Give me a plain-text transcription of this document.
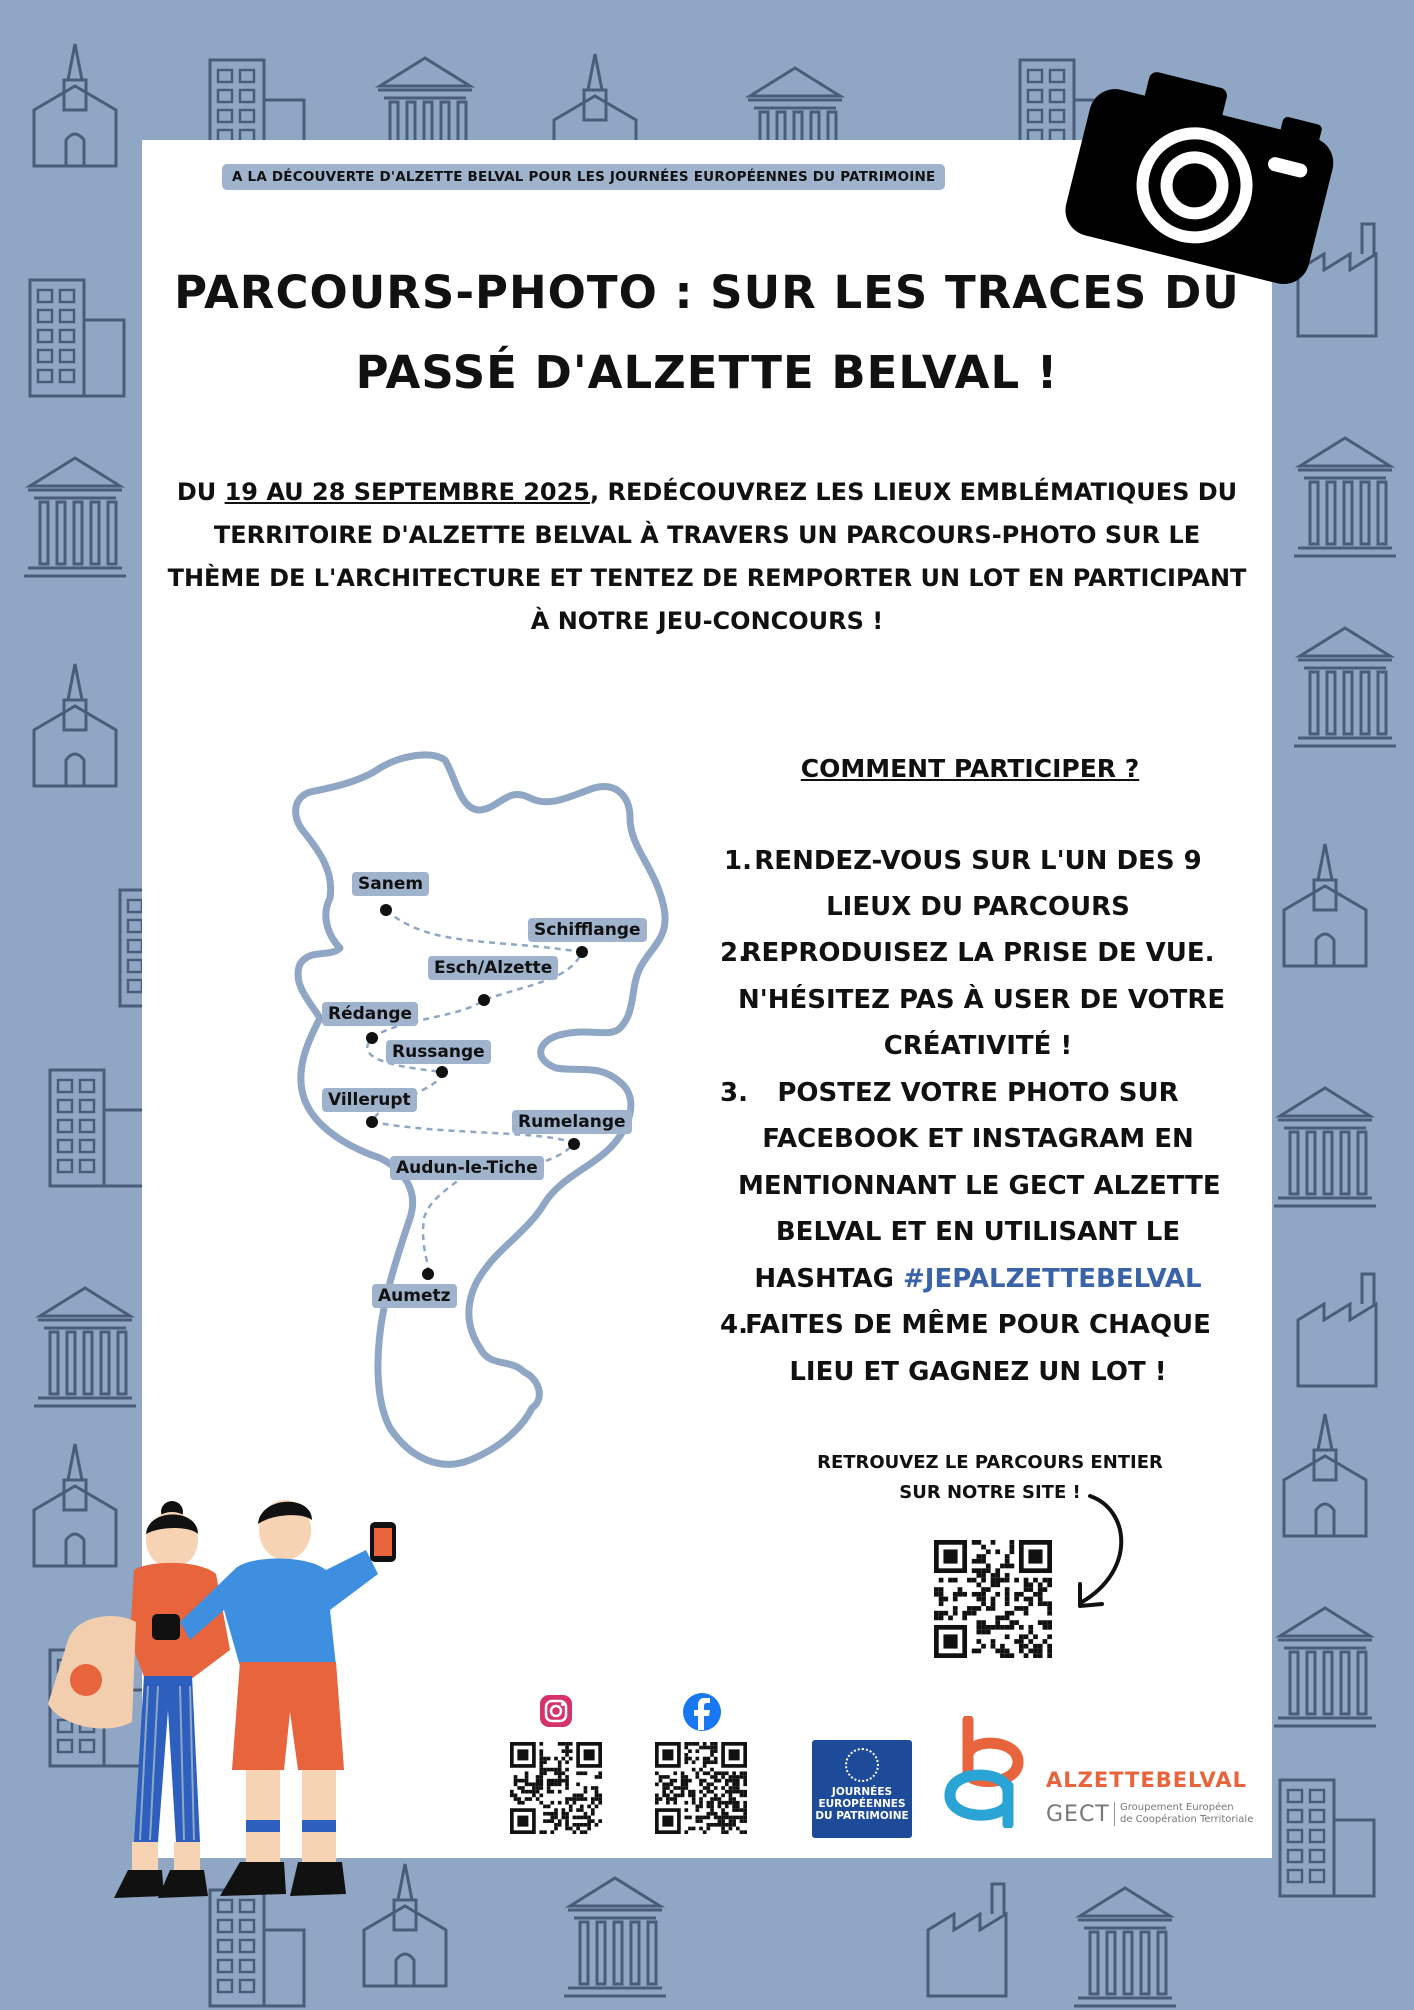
A LA DÉCOUVERTE D'ALZETTE BELVAL POUR LES JOURNÉES EUROPÉENNES DU PATRIMOINE
PARCOURS-PHOTO : SUR LES TRACES DU
PASSÉ D'ALZETTE BELVAL !
DU 19 AU 28 SEPTEMBRE 2025, REDÉCOUVREZ LES LIEUX EMBLÉMATIQUES DU
TERRITOIRE D'ALZETTE BELVAL À TRAVERS UN PARCOURS-PHOTO SUR LE
THÈME DE L'ARCHITECTURE ET TENTEZ DE REMPORTER UN LOT EN PARTICIPANT
À NOTRE JEU-CONCOURS !
Sanem
Schifflange
Esch/Alzette
Rédange
Russange
Villerupt
Rumelange
Audun-le-Tiche
Aumetz
COMMENT PARTICIPER ?
1. RENDEZ-VOUS SUR L'UN DES 9
LIEUX DU PARCOURS
2.
REPRODUISEZ LA PRISE DE VUE.
N'HÉSITEZ PAS À USER DE VOTRE
CRÉATIVITÉ !
3.	POSTEZ VOTRE PHOTO SUR
FACEBOOK ET INSTAGRAM EN
MENTIONNANT LE GECT ALZETTE
BELVAL ET EN UTILISANT LE
HASHTAG #JEPALZETTEBELVAL
4.
FAITES DE MÊME POUR CHAQUE
LIEU ET GAGNEZ UN LOT !
RETROUVEZ LE PARCOURS ENTIER
SUR NOTRE SITE !
JOURNÉES
EUROPÉENNES
DU PATRIMOINE
ALZETTEBELVAL
GECT Groupement Européen
de Coopération Territoriale
